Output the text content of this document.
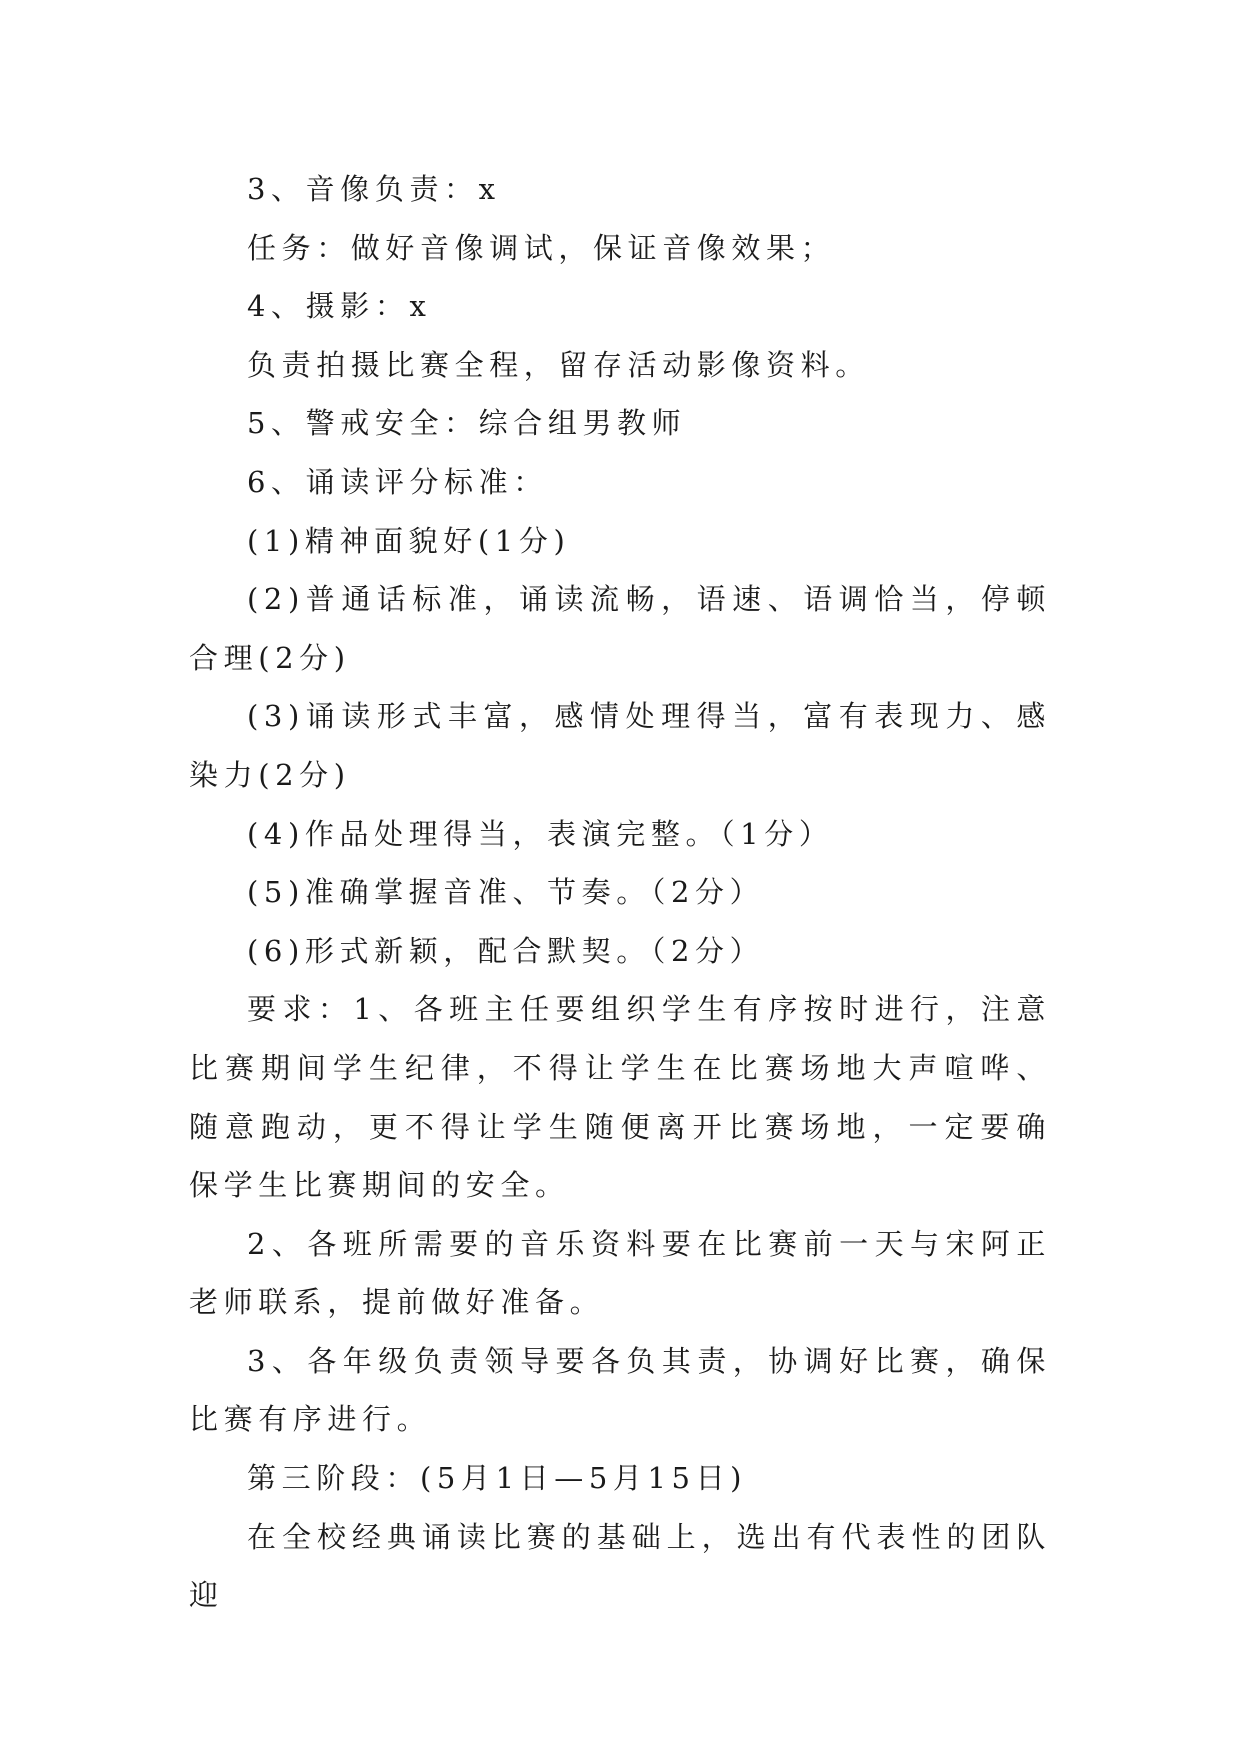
3、音像负责：x

任务：做好音像调试，保证音像效果；

4、摄影：x

负责拍摄比赛全程，留存活动影像资料。

5、警戒安全：综合组男教师

6、诵读评分标准：

(1)精神面貌好(1分)

(2)普通话标准，诵读流畅，语速、语调恰当，停顿合理(2分)

(3)诵读形式丰富，感情处理得当，富有表现力、感染力(2分)

(4)作品处理得当，表演完整。（1分）

(5)准确掌握音准、节奏。（2分）

(6)形式新颖，配合默契。（2分）

要求：1、各班主任要组织学生有序按时进行，注意比赛期间学生纪律，不得让学生在比赛场地大声喧哗、随意跑动，更不得让学生随便离开比赛场地，一定要确保学生比赛期间的安全。

2、各班所需要的音乐资料要在比赛前一天与宋阿正老师联系，提前做好准备。

3、各年级负责领导要各负其责，协调好比赛，确保比赛有序进行。

第三阶段：(5月1日—5月15日)

在全校经典诵读比赛的基础上，选出有代表性的团队迎
